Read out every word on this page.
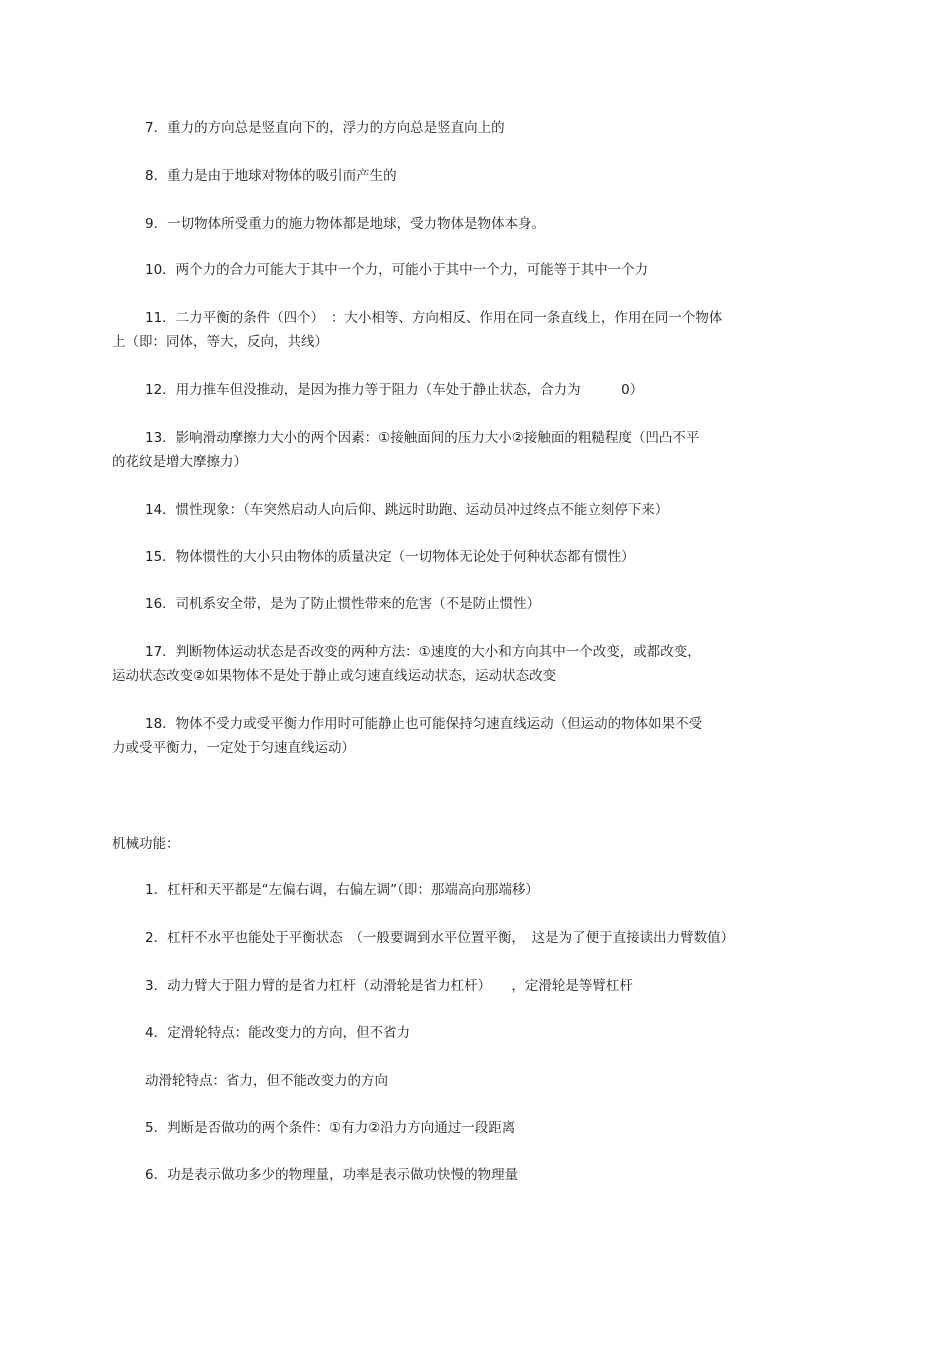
7．重力的方向总是竖直向下的，浮力的方向总是竖直向上的

8．重力是由于地球对物体的吸引而产生的

9．一切物体所受重力的施力物体都是地球，受力物体是物体本身。

10．两个力的合力可能大于其中一个力，可能小于其中一个力，可能等于其中一个力

11．二力平衡的条件（四个）　：大小相等、方向相反、作用在同一条直线上，作用在同一个物体
上（即：同体，等大，反向，共线）

12．用力推车但没推动，是因为推力等于阻力（车处于静止状态，合力为　　　0）

13．影响滑动摩擦力大小的两个因素：①接触面间的压力大小②接触面的粗糙程度（凹凸不平
的花纹是增大摩擦力）

14．惯性现象：（车突然启动人向后仰、跳远时助跑、运动员冲过终点不能立刻停下来）

15．物体惯性的大小只由物体的质量决定（一切物体无论处于何种状态都有惯性）

16．司机系安全带，是为了防止惯性带来的危害（不是防止惯性）

17．判断物体运动状态是否改变的两种方法：①速度的大小和方向其中一个改变，或都改变，
运动状态改变②如果物体不是处于静止或匀速直线运动状态，运动状态改变

18．物体不受力或受平衡力作用时可能静止也可能保持匀速直线运动（但运动的物体如果不受
力或受平衡力，一定处于匀速直线运动）

机械功能：

1．杠杆和天平都是“左偏右调，右偏左调”（即：那端高向那端移）

2．杠杆不水平也能处于平衡状态　（一般要调到水平位置平衡，　这是为了便于直接读出力臂数值）

3．动力臂大于阻力臂的是省力杠杆（动滑轮是省力杠杆）　　，定滑轮是等臂杠杆

4．定滑轮特点：能改变力的方向，但不省力

动滑轮特点：省力，但不能改变力的方向

5．判断是否做功的两个条件：①有力②沿力方向通过一段距离

6．功是表示做功多少的物理量，功率是表示做功快慢的物理量
